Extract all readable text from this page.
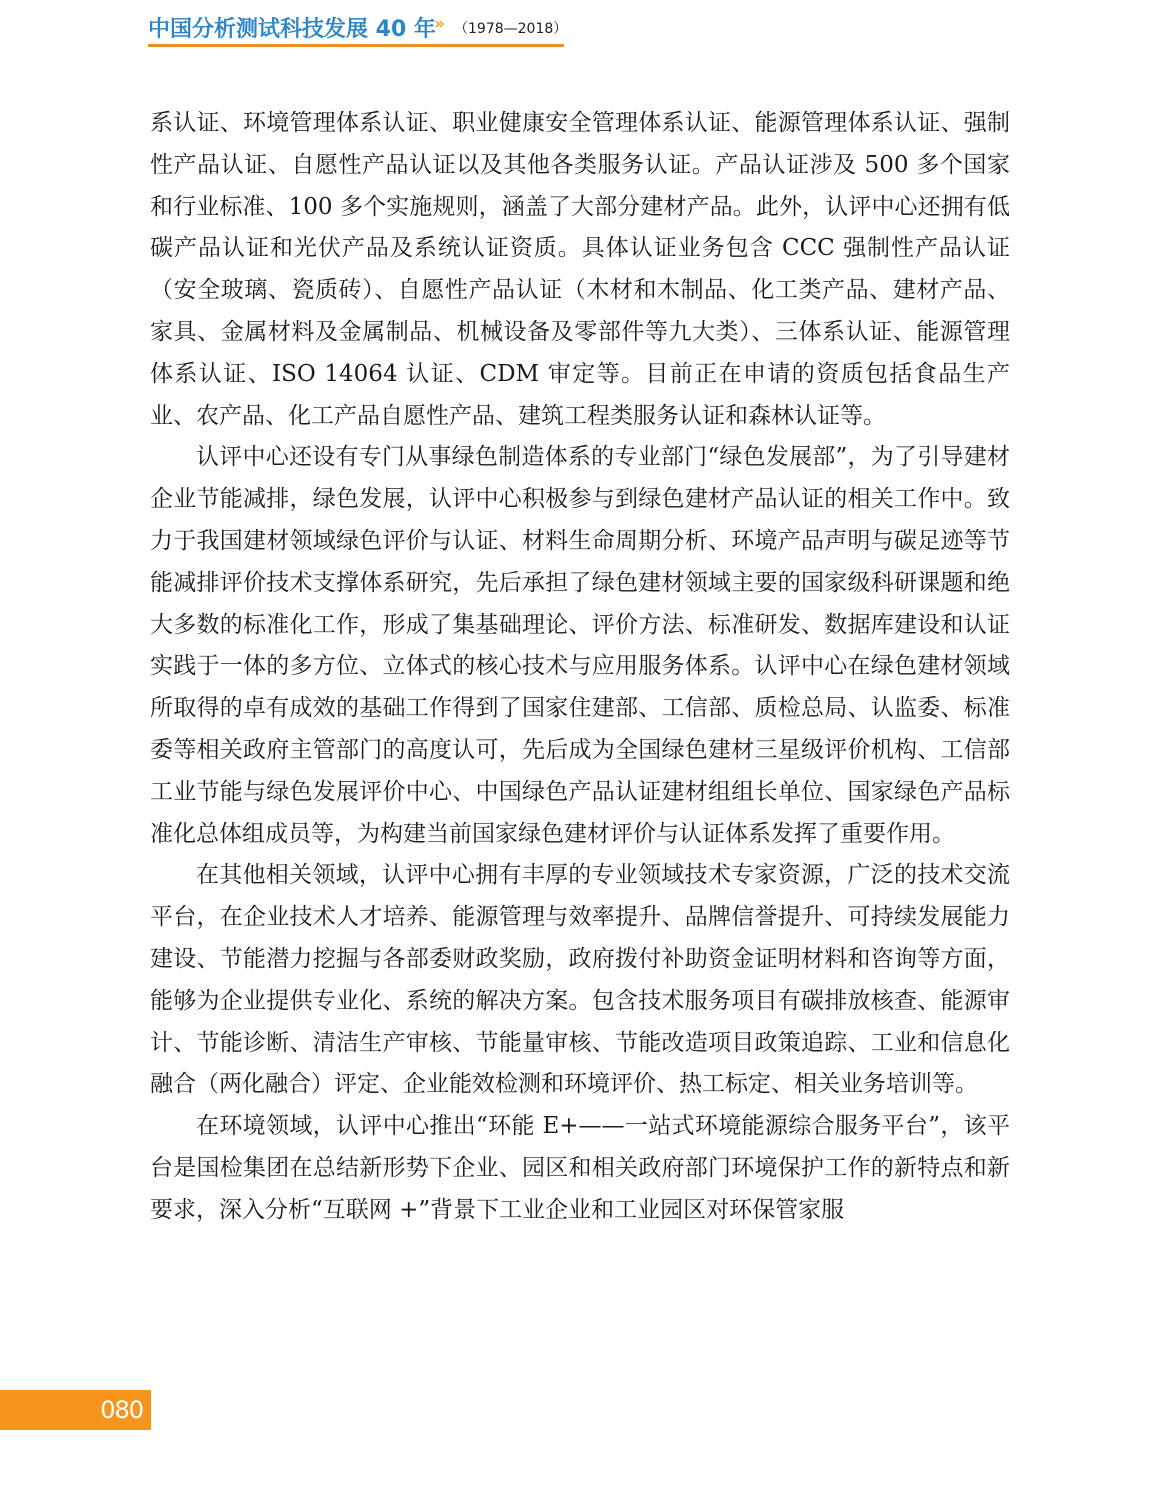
中国分析测试科技发展 40 年
» （1978—2018）

系认证、环境管理体系认证、职业健康安全管理体系认证、能源管理体系认证、强制性产品认证、自愿性产品认证以及其他各类服务认证。产品认证涉及 500 多个国家和行业标准、100 多个实施规则，涵盖了大部分建材产品。此外，认评中心还拥有低碳产品认证和光伏产品及系统认证资质。具体认证业务包含 CCC 强制性产品认证（安全玻璃、瓷质砖）、自愿性产品认证（木材和木制品、化工类产品、建材产品、家具、金属材料及金属制品、机械设备及零部件等九大类）、三体系认证、能源管理体系认证、ISO 14064 认证、CDM 审定等。目前正在申请的资质包括食品生产业、农产品、化工产品自愿性产品、建筑工程类服务认证和森林认证等。

认评中心还设有专门从事绿色制造体系的专业部门“绿色发展部”，为了引导建材企业节能减排，绿色发展，认评中心积极参与到绿色建材产品认证的相关工作中。致力于我国建材领域绿色评价与认证、材料生命周期分析、环境产品声明与碳足迹等节能减排评价技术支撑体系研究，先后承担了绿色建材领域主要的国家级科研课题和绝大多数的标准化工作，形成了集基础理论、评价方法、标准研发、数据库建设和认证实践于一体的多方位、立体式的核心技术与应用服务体系。认评中心在绿色建材领域所取得的卓有成效的基础工作得到了国家住建部、工信部、质检总局、认监委、标准委等相关政府主管部门的高度认可，先后成为全国绿色建材三星级评价机构、工信部工业节能与绿色发展评价中心、中国绿色产品认证建材组组长单位、国家绿色产品标准化总体组成员等，为构建当前国家绿色建材评价与认证体系发挥了重要作用。

在其他相关领域，认评中心拥有丰厚的专业领域技术专家资源，广泛的技术交流平台，在企业技术人才培养、能源管理与效率提升、品牌信誉提升、可持续发展能力建设、节能潜力挖掘与各部委财政奖励，政府拨付补助资金证明材料和咨询等方面，能够为企业提供专业化、系统的解决方案。包含技术服务项目有碳排放核查、能源审计、节能诊断、清洁生产审核、节能量审核、节能改造项目政策追踪、工业和信息化融合（两化融合）评定、企业能效检测和环境评价、热工标定、相关业务培训等。

在环境领域，认评中心推出“环能 E+——一站式环境能源综合服务平台”，该平台是国检集团在总结新形势下企业、园区和相关政府部门环境保护工作的新特点和新要求，深入分析“互联网 +”背景下工业企业和工业园区对环保管家服

080
